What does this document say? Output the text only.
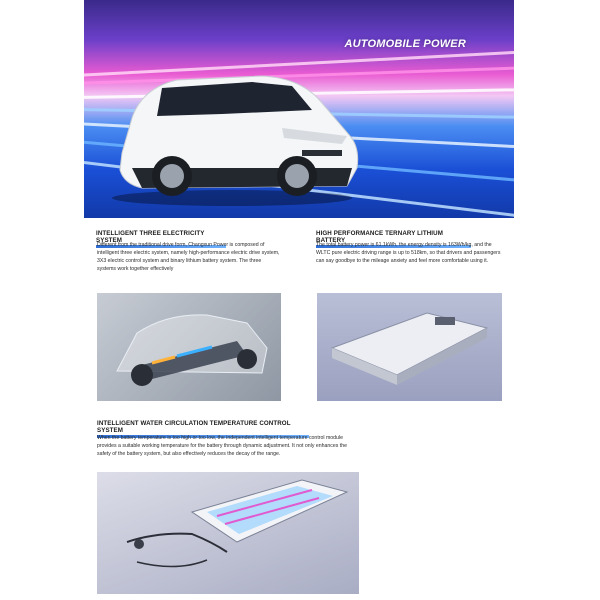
AUTOMOBILE POWER
INTELLIGENT THREE ELECTRICITY SYSTEM
Different from the traditional drive form, Changxun Power is composed of intelligent three electric system, namely high-performance electric drive system, 3X3 electric control system and binary lithium battery system. The three systems work together effectively
HIGH PERFORMANCE TERNARY LITHIUM BATTERY
The total battery power is 61.1kWh, the energy density is 163Wh/kg, and the WLTC pure electric driving range is up to 518km, so that drivers and passengers can say goodbye to the mileage anxiety and feel more comfortable using it.
INTELLIGENT WATER CIRCULATION TEMPERATURE CONTROL SYSTEM
When the battery temperature is too high or too low, the independent intelligent temperature control module provides a suitable working temperature for the battery through dynamic adjustment. It not only enhances the safety of the battery system, but also effectively reduces the decay of the range.
